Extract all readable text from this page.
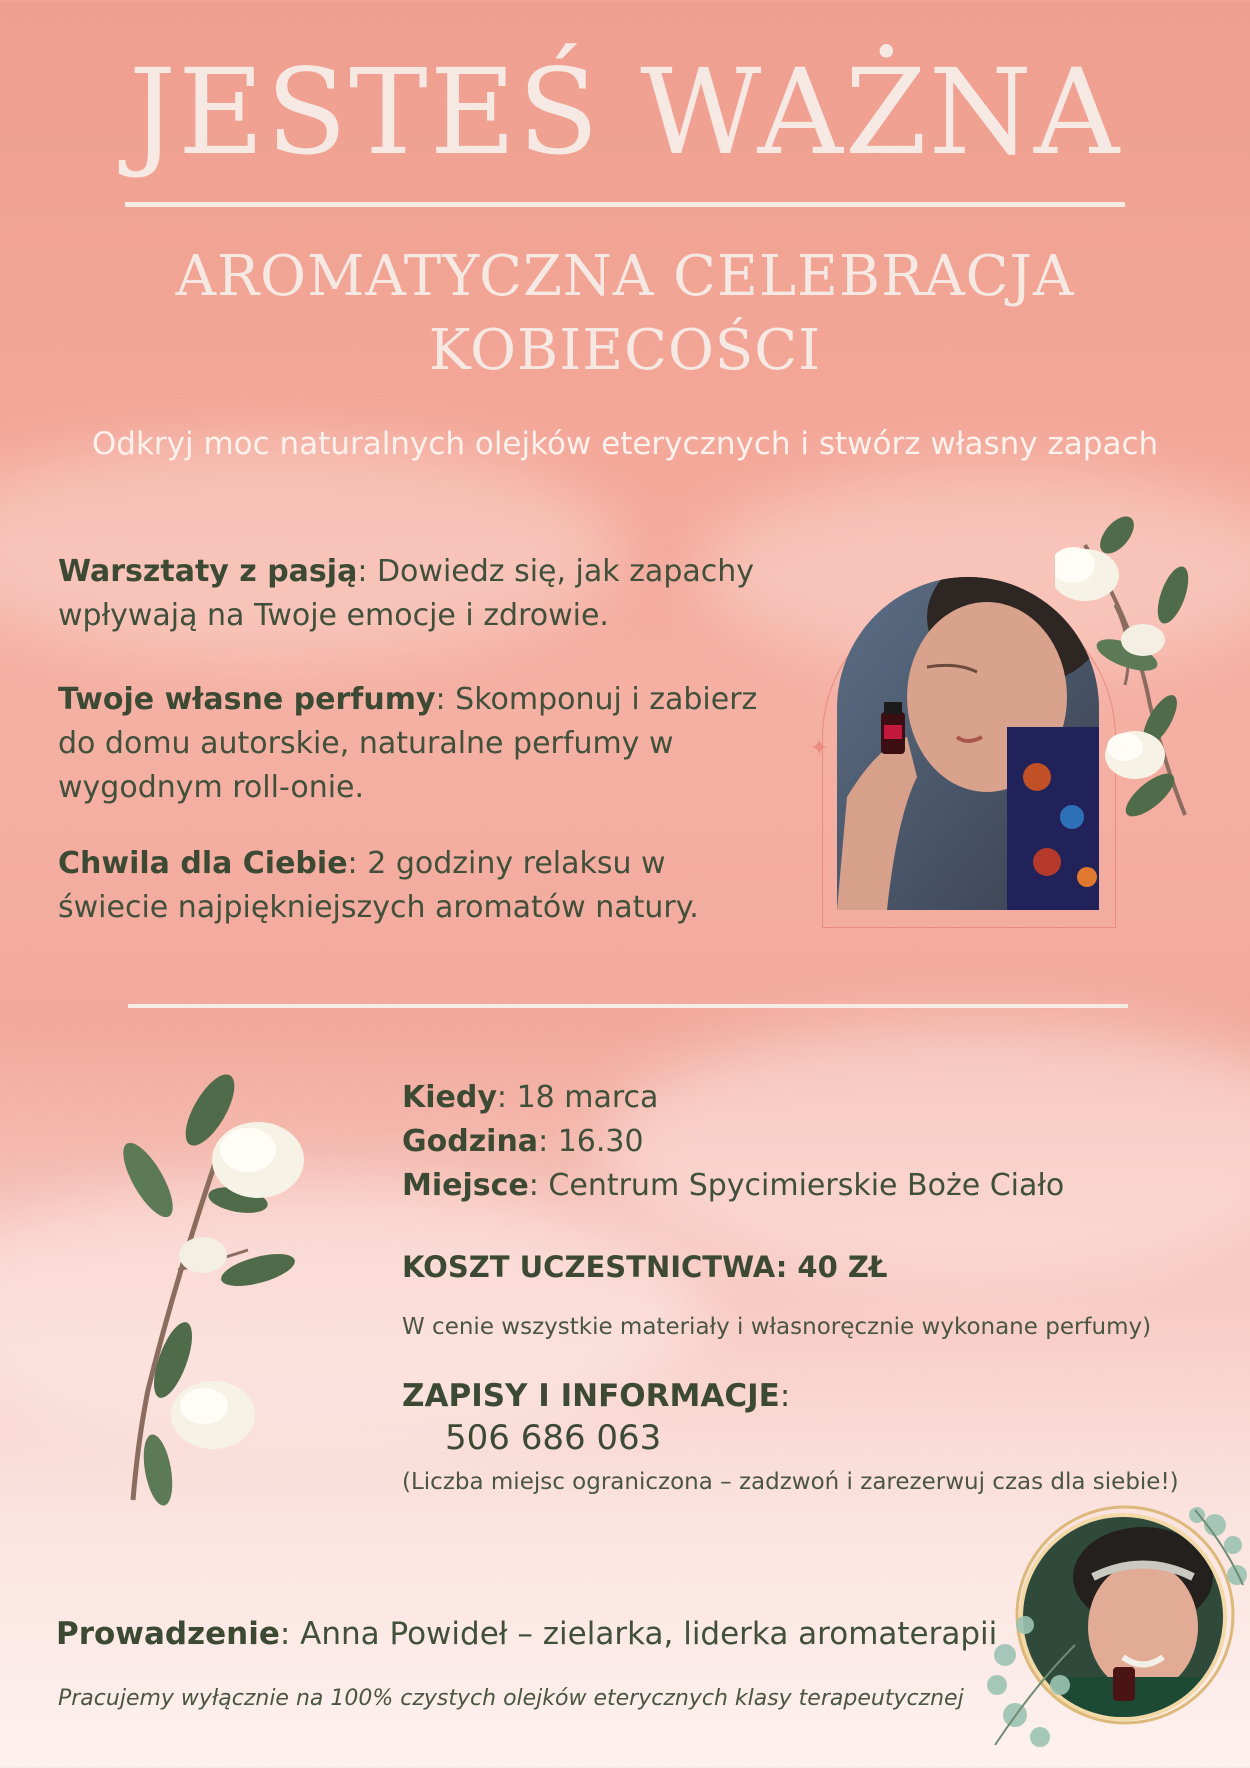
JESTEŚ WAŻNA
AROMATYCZNA CELEBRACJA
KOBIECOŚCI
Odkryj moc naturalnych olejków eterycznych i stwórz własny zapach
Warsztaty z pasją: Dowiedz się, jak zapachy wpływają na Twoje emocje i zdrowie.
Twoje własne perfumy: Skomponuj i zabierz do domu autorskie, naturalne perfumy w wygodnym roll-onie.
Chwila dla Ciebie: 2 godziny relaksu w świecie najpiękniejszych aromatów natury.
✦
Kiedy: 18 marca
Godzina: 16.30
Miejsce: Centrum Spycimierskie Boże Ciało
KOSZT UCZESTNICTWA: 40 ZŁ
W cenie wszystkie materiały i własnoręcznie wykonane perfumy)
ZAPISY I INFORMACJE:
506 686 063
(Liczba miejsc ograniczona – zadzwoń i zarezerwuj czas dla siebie!)
Prowadzenie: Anna Powideł – zielarka, liderka aromaterapii
Pracujemy wyłącznie na 100% czystych olejków eterycznych klasy terapeutycznej
